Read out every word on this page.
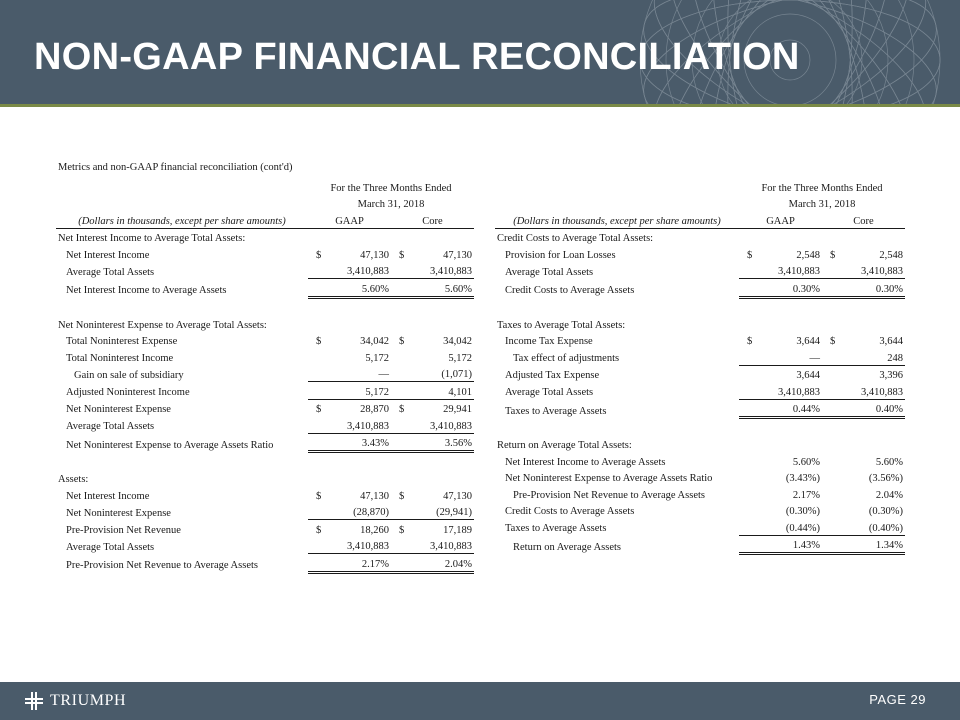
NON-GAAP FINANCIAL RECONCILIATION
Metrics and non-GAAP financial reconciliation (cont'd)
	For the Three Months Ended	
	March 31, 2018	
(Dollars in thousands, except per share amounts)	GAAP	Core
Net Interest Income to Average Total Assets:		
Net Interest Income	$ 47,130	$ 47,130

Average Total Assets	3,410,883	3,410,883

Net Interest Income to Average Assets	5.60%	5.60%

Net Noninterest Expense to Average Total Assets:		
Total Noninterest Expense	$ 34,042	$ 34,042

Total Noninterest Income	5,172	5,172

Gain on sale of subsidiary	—	(1,071)

Adjusted Noninterest Income	5,172	4,101

Net Noninterest Expense	$ 28,870	$ 29,941

Average Total Assets	3,410,883	3,410,883

Net Noninterest Expense to Average Assets Ratio	3.43%	3.56%

Assets:		
Net Interest Income	$ 47,130	$ 47,130

Net Noninterest Expense	(28,870)	(29,941)

Pre-Provision Net Revenue	$ 18,260	$ 17,189

Average Total Assets	3,410,883	3,410,883

Pre-Provision Net Revenue to Average Assets	2.17%	2.04%
	For the Three Months Ended	
	March 31, 2018	
(Dollars in thousands, except per share amounts)	GAAP	Core
Credit Costs to Average Total Assets:		
Provision for Loan Losses	$ 2,548	$ 2,548

Average Total Assets	3,410,883	3,410,883

Credit Costs to Average Assets	0.30%	0.30%

Taxes to Average Total Assets:		
Income Tax Expense	$ 3,644	$ 3,644

Tax effect of adjustments	—	248

Adjusted Tax Expense	3,644	3,396

Average Total Assets	3,410,883	3,410,883

Taxes to Average Assets	0.44%	0.40%

Return on Average Total Assets:		
Net Interest Income to Average Assets	5.60%	5.60%

Net Noninterest Expense to Average Assets Ratio	(3.43%)	(3.56%)

Pre-Provision Net Revenue to Average Assets	2.17%	2.04%

Credit Costs to Average Assets	(0.30%)	(0.30%)

Taxes to Average Assets	(0.44%)	(0.40%)

Return on Average Assets	1.43%	1.34%
TRIUMPH	PAGE 29
